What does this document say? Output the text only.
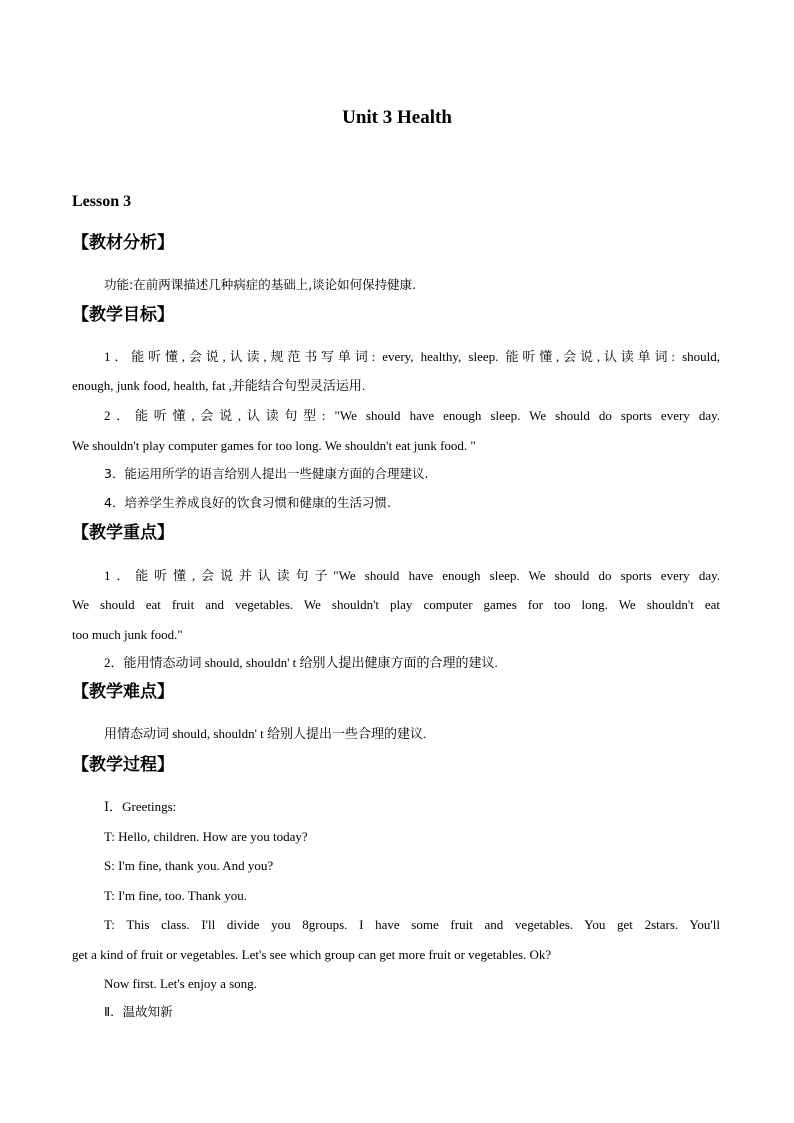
Unit 3 Health
Lesson 3
【教材分析】
功能:在前两课描述几种病症的基础上,谈论如何保持健康.
【教学目标】
1．能听懂,会说,认读,规范书写单词: every, healthy, sleep. 能听懂,会说,认读单词: should,
enough, junk food, health, fat ,并能结合句型灵活运用.
2．能听懂,会说,认读句型: "We should have enough sleep. We should do sports every day.
We shouldn't play computer games for too long. We shouldn't eat junk food. "
3．能运用所学的语言给别人提出一些健康方面的合理建议.
4．培养学生养成良好的饮食习惯和健康的生活习惯.
【教学重点】
1．能听懂,会说并认读句子"We should have enough sleep. We should do sports every day.
We should eat fruit and vegetables. We shouldn't play computer games for too long. We shouldn't eat
too much junk food."
2．能用情态动词 should, shouldn' t 给别人提出健康方面的合理的建议.
【教学难点】
用情态动词 should, shouldn' t 给别人提出一些合理的建议.
【教学过程】
Ⅰ．Greetings:
T: Hello, children. How are you today?
S: I'm fine, thank you. And you?
T: I'm fine, too. Thank you.
T: This class. I'll divide you 8groups. I have some fruit and vegetables. You get 2stars. You'll
get a kind of fruit or vegetables. Let's see which group can get more fruit or vegetables. Ok?
Now first. Let's enjoy a song.
Ⅱ．温故知新
